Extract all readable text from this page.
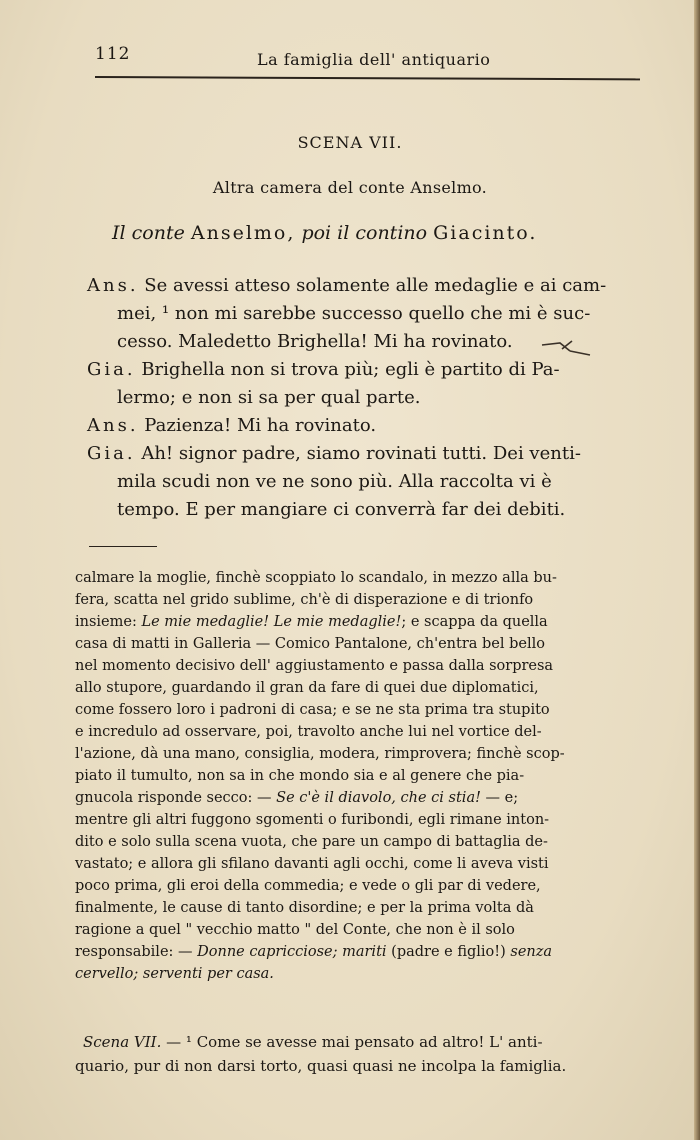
112	La famiglia dell' antiquario
SCENA VII.
Altra camera del conte Anselmo.
Il conte Anselmo, poi il contino Giacinto.

Ans. Se avessi atteso solamente alle medaglie e ai cam-
mei, ¹ non mi sarebbe successo quello che mi è suc-
cesso. Maledetto Brighella! Mi ha rovinato.

Gia. Brighella non si trova più; egli è partito di Pa-
lermo; e non si sa per qual parte.

Ans. Pazienza! Mi ha rovinato.

Gia. Ah! signor padre, siamo rovinati tutti. Dei venti-
mila scudi non ve ne sono più. Alla raccolta vi è
tempo. E per mangiare ci converrà far dei debiti.

calmare la moglie, finchè scoppiato lo scandalo, in mezzo alla bu-
fera, scatta nel grido sublime, ch'è di disperazione e di trionfo
insieme: Le mie medaglie! Le mie medaglie!; e scappa da quella
casa di matti in Galleria — Comico Pantalone, ch'entra bel bello
nel momento decisivo dell' aggiustamento e passa dalla sorpresa
allo stupore, guardando il gran da fare di quei due diplomatici,
come fossero loro i padroni di casa; e se ne sta prima tra stupito
e incredulo ad osservare, poi, travolto anche lui nel vortice del-
l'azione, dà una mano, consiglia, modera, rimprovera; finchè scop-
piato il tumulto, non sa in che mondo sia e al genere che pia-
gnucola risponde secco: — Se c'è il diavolo, che ci stia! — e;
mentre gli altri fuggono sgomenti o furibondi, egli rimane inton-
dito e solo sulla scena vuota, che pare un campo di battaglia de-
vastato; e allora gli sfilano davanti agli occhi, come li aveva visti
poco prima, gli eroi della commedia; e vede o gli par di vedere,
finalmente, le cause di tanto disordine; e per la prima volta dà
ragione a quel " vecchio matto " del Conte, che non è il solo
responsabile: — Donne capricciose; mariti (padre e figlio!) senza
cervello; serventi per casa.
Scena VII. — ¹ Come se avesse mai pensato ad altro! L' anti-
quario, pur di non darsi torto, quasi quasi ne incolpa la famiglia.
